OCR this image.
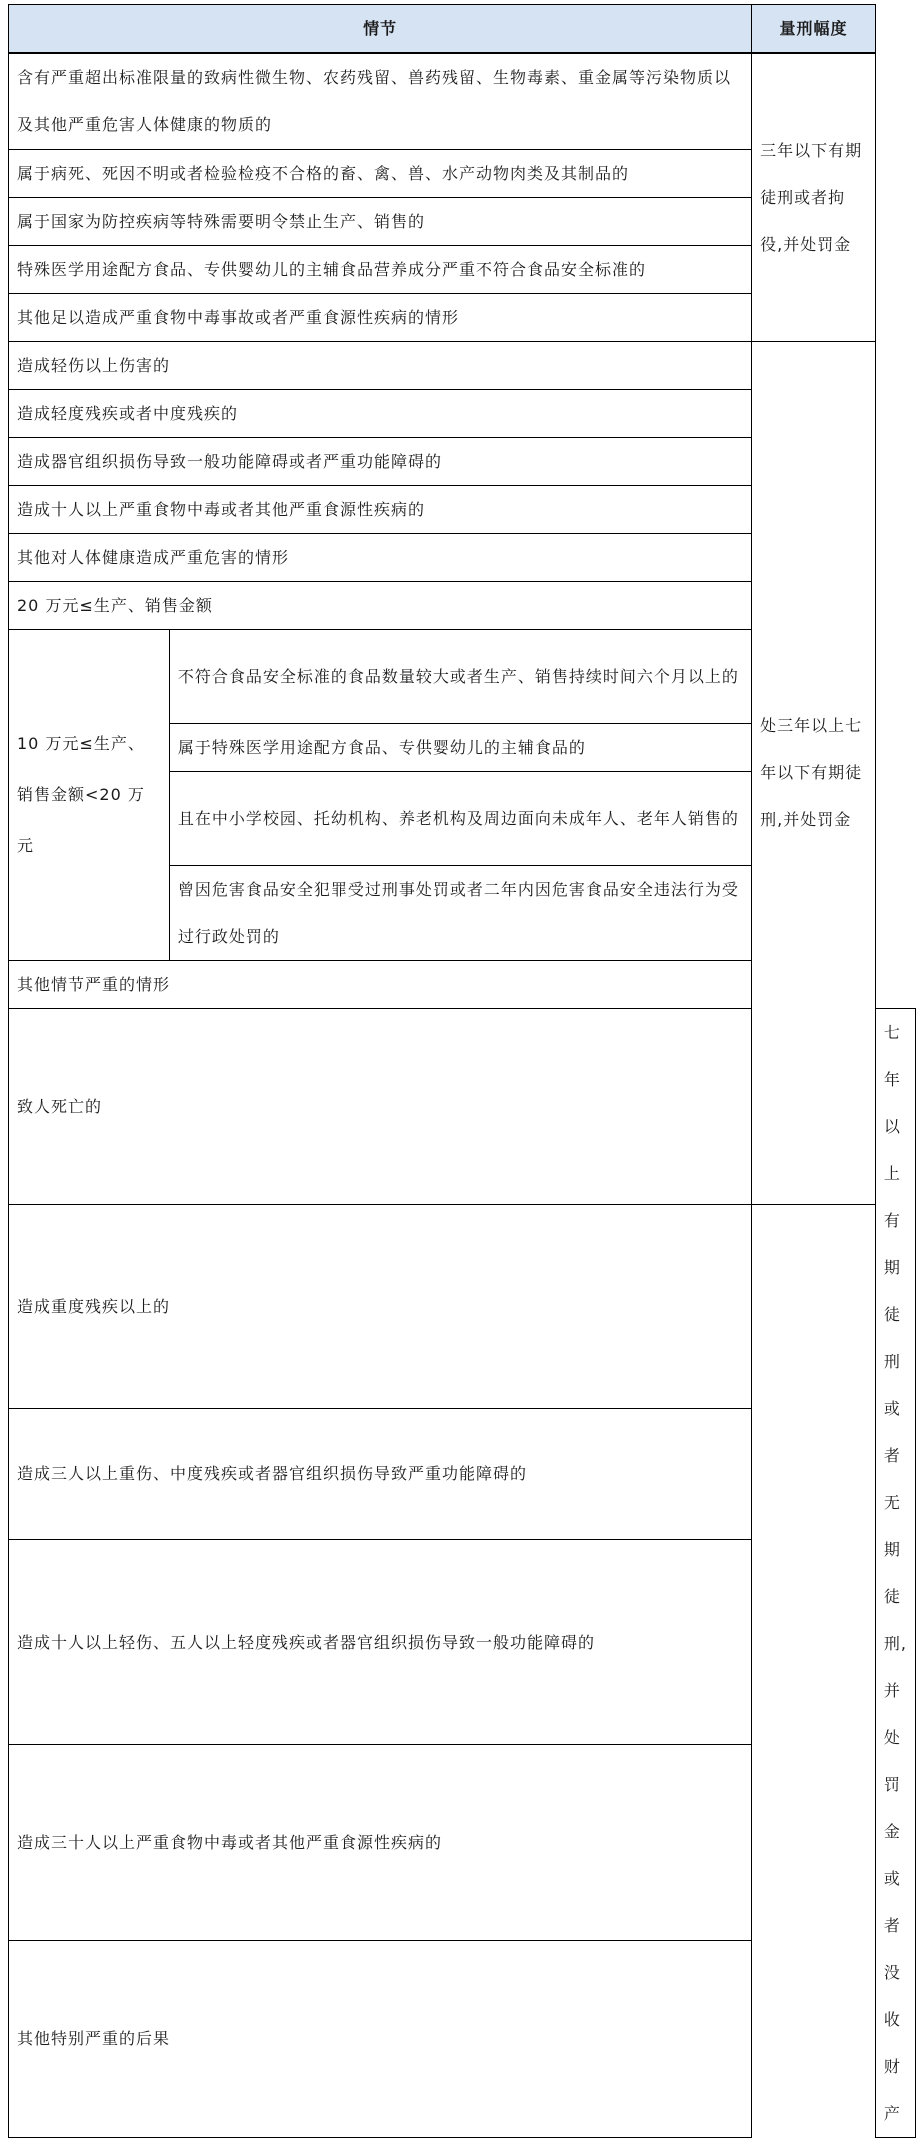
情节		量刑幅度	
含有严重超出标准限量的致病性微生物、农药残留、兽药残留、生物毒素、重金属等污染物质以及其他严重危害人体健康的物质的		三年以下有期徒刑或者拘役,并处罚金	
属于病死、死因不明或者检验检疫不合格的畜、禽、兽、水产动物肉类及其制品的			
属于国家为防控疾病等特殊需要明令禁止生产、销售的			
特殊医学用途配方食品、专供婴幼儿的主辅食品营养成分严重不符合食品安全标准的			
其他足以造成严重食物中毒事故或者严重食源性疾病的情形			
造成轻伤以上伤害的		处三年以上七年以下有期徒刑,并处罚金	
造成轻度残疾或者中度残疾的			
造成器官组织损伤导致一般功能障碍或者严重功能障碍的			
造成十人以上严重食物中毒或者其他严重食源性疾病的			
其他对人体健康造成严重危害的情形			
20 万元≤生产、销售金额			
10 万元≤生产、销售金额<20 万元	不符合食品安全标准的食品数量较大或者生产、销售持续时间六个月以上的		
	属于特殊医学用途配方食品、专供婴幼儿的主辅食品的		
	且在中小学校园、托幼机构、养老机构及周边面向未成年人、老年人销售的		
	曾因危害食品安全犯罪受过刑事处罚或者二年内因危害食品安全违法行为受过行政处罚的		
其他情节严重的情形			
致人死亡的			七年以上有期徒刑或者无期徒刑,并处罚金或者没收财产
造成重度残疾以上的			
造成三人以上重伤、中度残疾或者器官组织损伤导致严重功能障碍的			
造成十人以上轻伤、五人以上轻度残疾或者器官组织损伤导致一般功能障碍的			
造成三十人以上严重食物中毒或者其他严重食源性疾病的			
其他特别严重的后果			
